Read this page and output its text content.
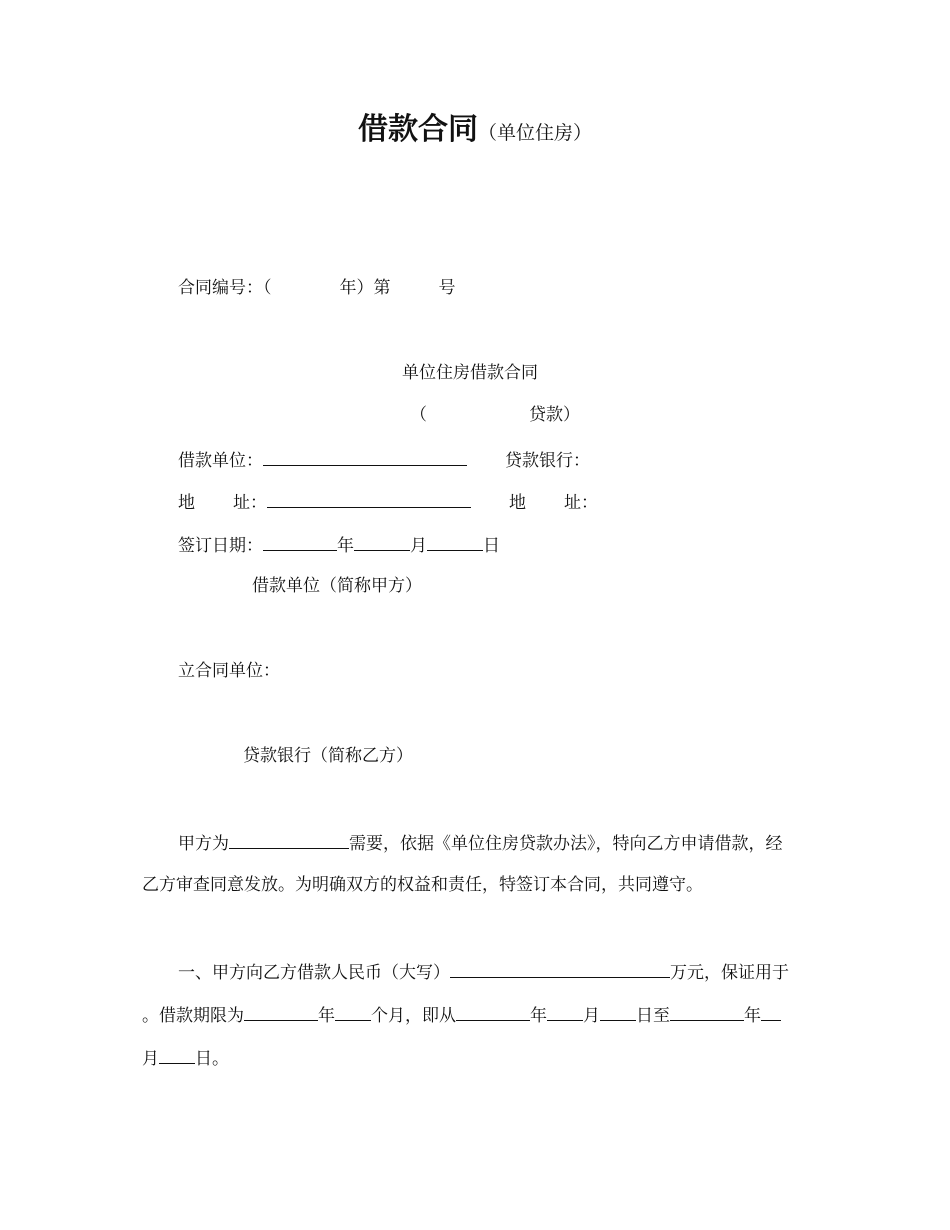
借款合同（单位住房）
合同编号：（	年）第	号
单位住房借款合同
（	贷款）
借款单位：	贷款银行：
地 址：	地 址：
签订日期：	年	月	日
借款单位（简称甲方）
立合同单位：
贷款银行（简称乙方）
甲方为	需要，依据《单位住房贷款办法》，特向乙方申请借款，经
乙方审查同意发放。为明确双方的权益和责任，特签订本合同，共同遵守。
一、甲方向乙方借款人民币（大写）	万元，保证用于
。借款期限为	年 个月，即从	年 月 日至	年
月 日。
